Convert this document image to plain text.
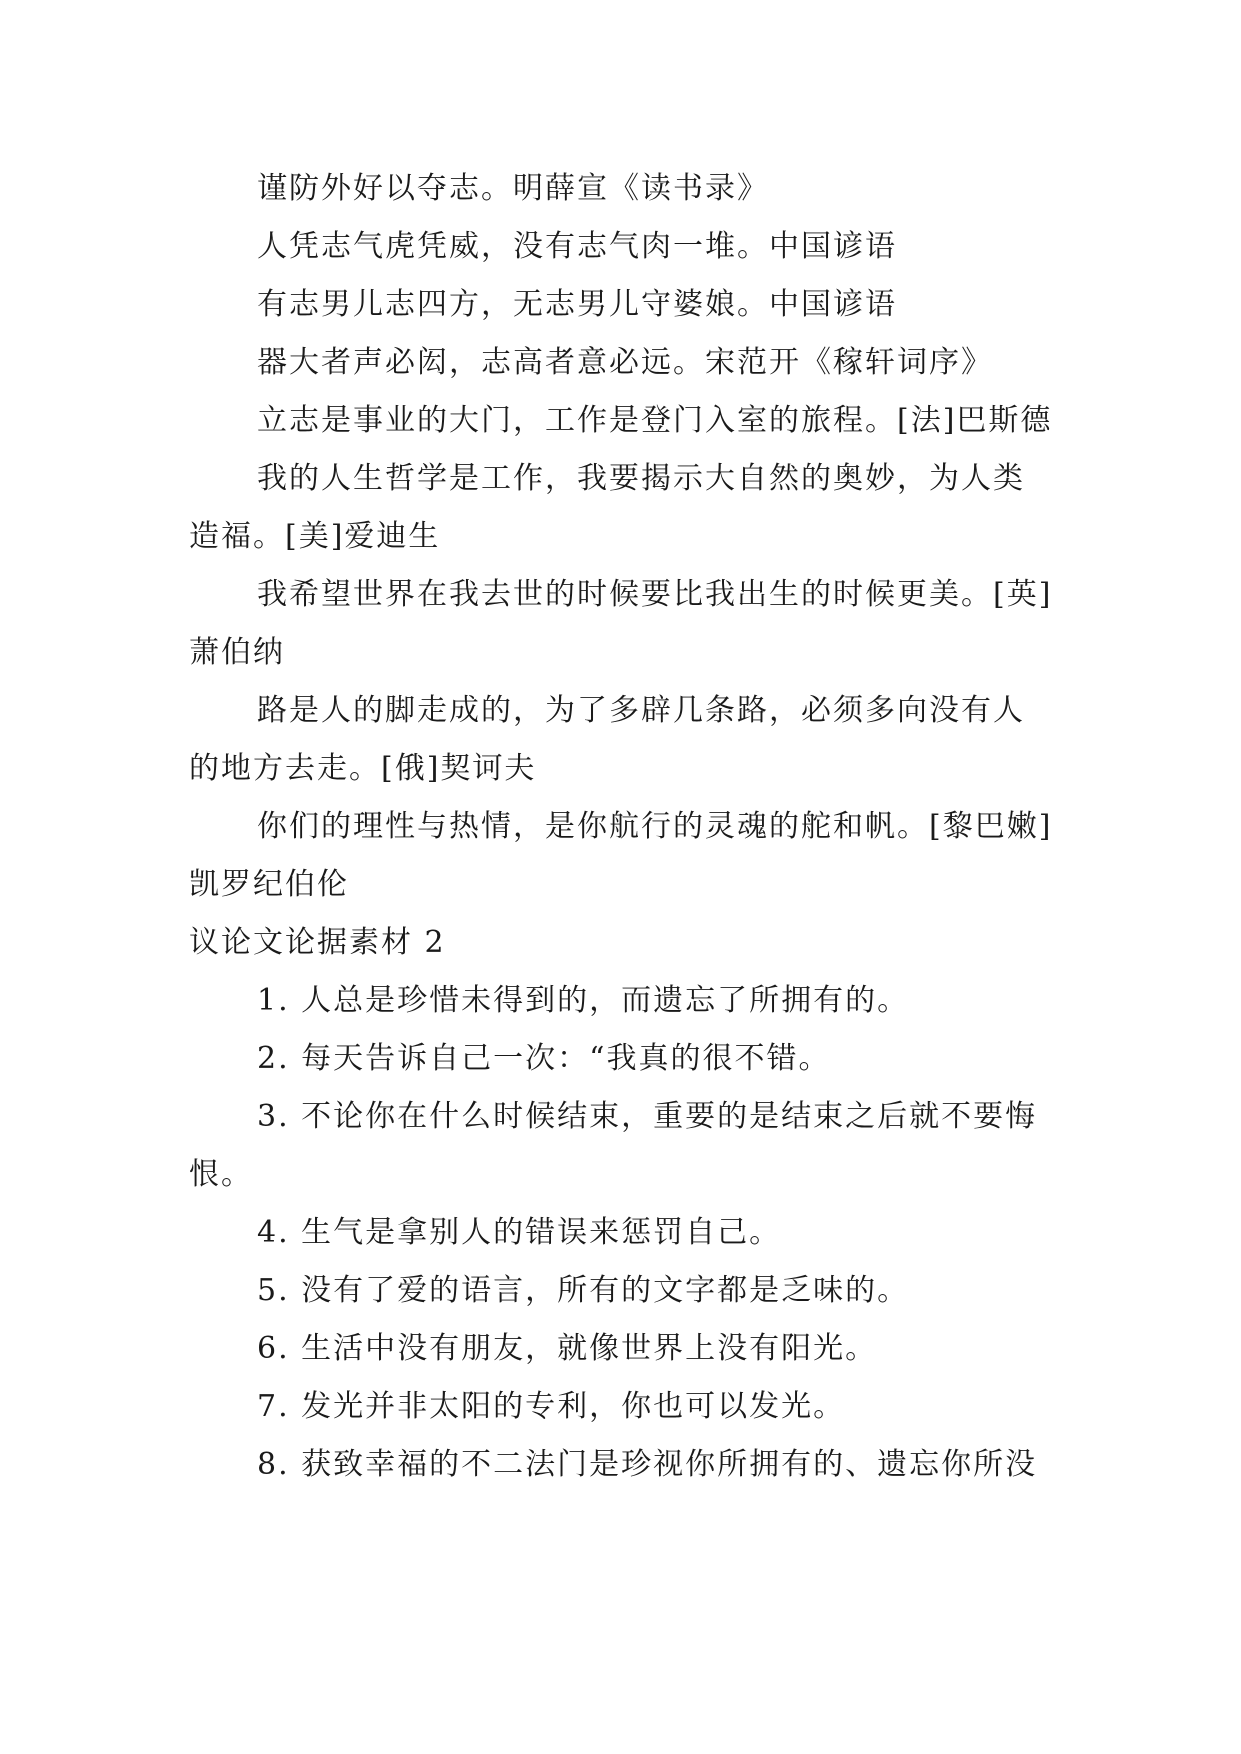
谨防外好以夺志。明薛宣《读书录》

人凭志气虎凭威，没有志气肉一堆。中国谚语

有志男儿志四方，无志男儿守婆娘。中国谚语

器大者声必闳，志高者意必远。宋范开《稼轩词序》

立志是事业的大门，工作是登门入室的旅程。[法]巴斯德

我的人生哲学是工作，我要揭示大自然的奥妙，为人类造福。[美]爱迪生

我希望世界在我去世的时候要比我出生的时候更美。[英]萧伯纳

路是人的脚走成的，为了多辟几条路，必须多向没有人的地方去走。[俄]契诃夫

你们的理性与热情，是你航行的灵魂的舵和帆。[黎巴嫩]凯罗纪伯伦

议论文论据素材 2

1. 人总是珍惜未得到的，而遗忘了所拥有的。

2. 每天告诉自己一次：“我真的很不错。

3. 不论你在什么时候结束，重要的是结束之后就不要悔恨。

4. 生气是拿别人的错误来惩罚自己。

5. 没有了爱的语言，所有的文字都是乏味的。

6. 生活中没有朋友，就像世界上没有阳光。

7. 发光并非太阳的专利，你也可以发光。

8. 获致幸福的不二法门是珍视你所拥有的、遗忘你所没
